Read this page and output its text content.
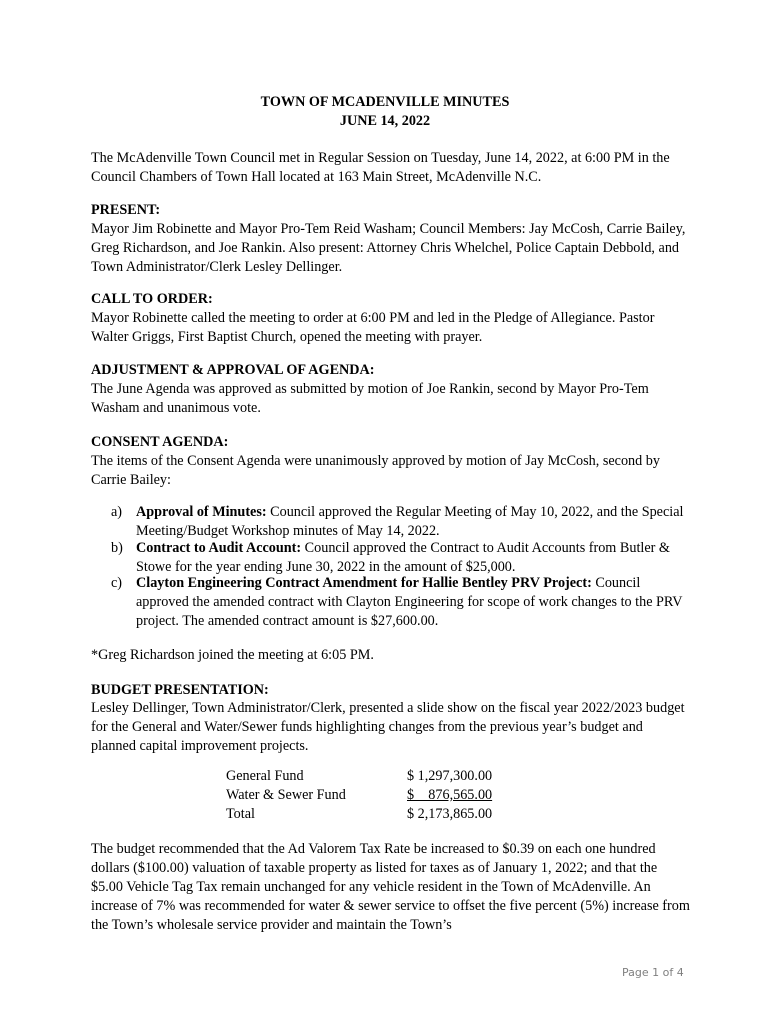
TOWN OF MCADENVILLE MINUTES
JUNE 14, 2022
The McAdenville Town Council met in Regular Session on Tuesday, June 14, 2022, at 6:00 PM in the Council Chambers of Town Hall located at 163 Main Street, McAdenville N.C.
PRESENT:
Mayor Jim Robinette and Mayor Pro-Tem Reid Washam; Council Members: Jay McCosh, Carrie Bailey, Greg Richardson, and Joe Rankin. Also present: Attorney Chris Whelchel, Police Captain Debbold, and Town Administrator/Clerk Lesley Dellinger.
CALL TO ORDER:
Mayor Robinette called the meeting to order at 6:00 PM and led in the Pledge of Allegiance. Pastor Walter Griggs, First Baptist Church, opened the meeting with prayer.
ADJUSTMENT & APPROVAL OF AGENDA:
The June Agenda was approved as submitted by motion of Joe Rankin, second by Mayor Pro-Tem Washam and unanimous vote.
CONSENT AGENDA:
The items of the Consent Agenda were unanimously approved by motion of Jay McCosh, second by Carrie Bailey:
a) Approval of Minutes: Council approved the Regular Meeting of May 10, 2022, and the Special Meeting/Budget Workshop minutes of May 14, 2022.
b) Contract to Audit Account: Council approved the Contract to Audit Accounts from Butler & Stowe for the year ending June 30, 2022 in the amount of $25,000.
c) Clayton Engineering Contract Amendment for Hallie Bentley PRV Project: Council approved the amended contract with Clayton Engineering for scope of work changes to the PRV project. The amended contract amount is $27,600.00.
*Greg Richardson joined the meeting at 6:05 PM.
BUDGET PRESENTATION:
Lesley Dellinger, Town Administrator/Clerk, presented a slide show on the fiscal year 2022/2023 budget for the General and Water/Sewer funds highlighting changes from the previous year’s budget and planned capital improvement projects.
General Fund	$ 1,297,300.00
Water & Sewer Fund	$    876,565.00
Total	$ 2,173,865.00
The budget recommended that the Ad Valorem Tax Rate be increased to $0.39 on each one hundred dollars ($100.00) valuation of taxable property as listed for taxes as of January 1, 2022; and that the $5.00 Vehicle Tag Tax remain unchanged for any vehicle resident in the Town of McAdenville. An increase of 7% was recommended for water & sewer service to offset the five percent (5%) increase from the Town’s wholesale service provider and maintain the Town’s
Page 1 of 4
